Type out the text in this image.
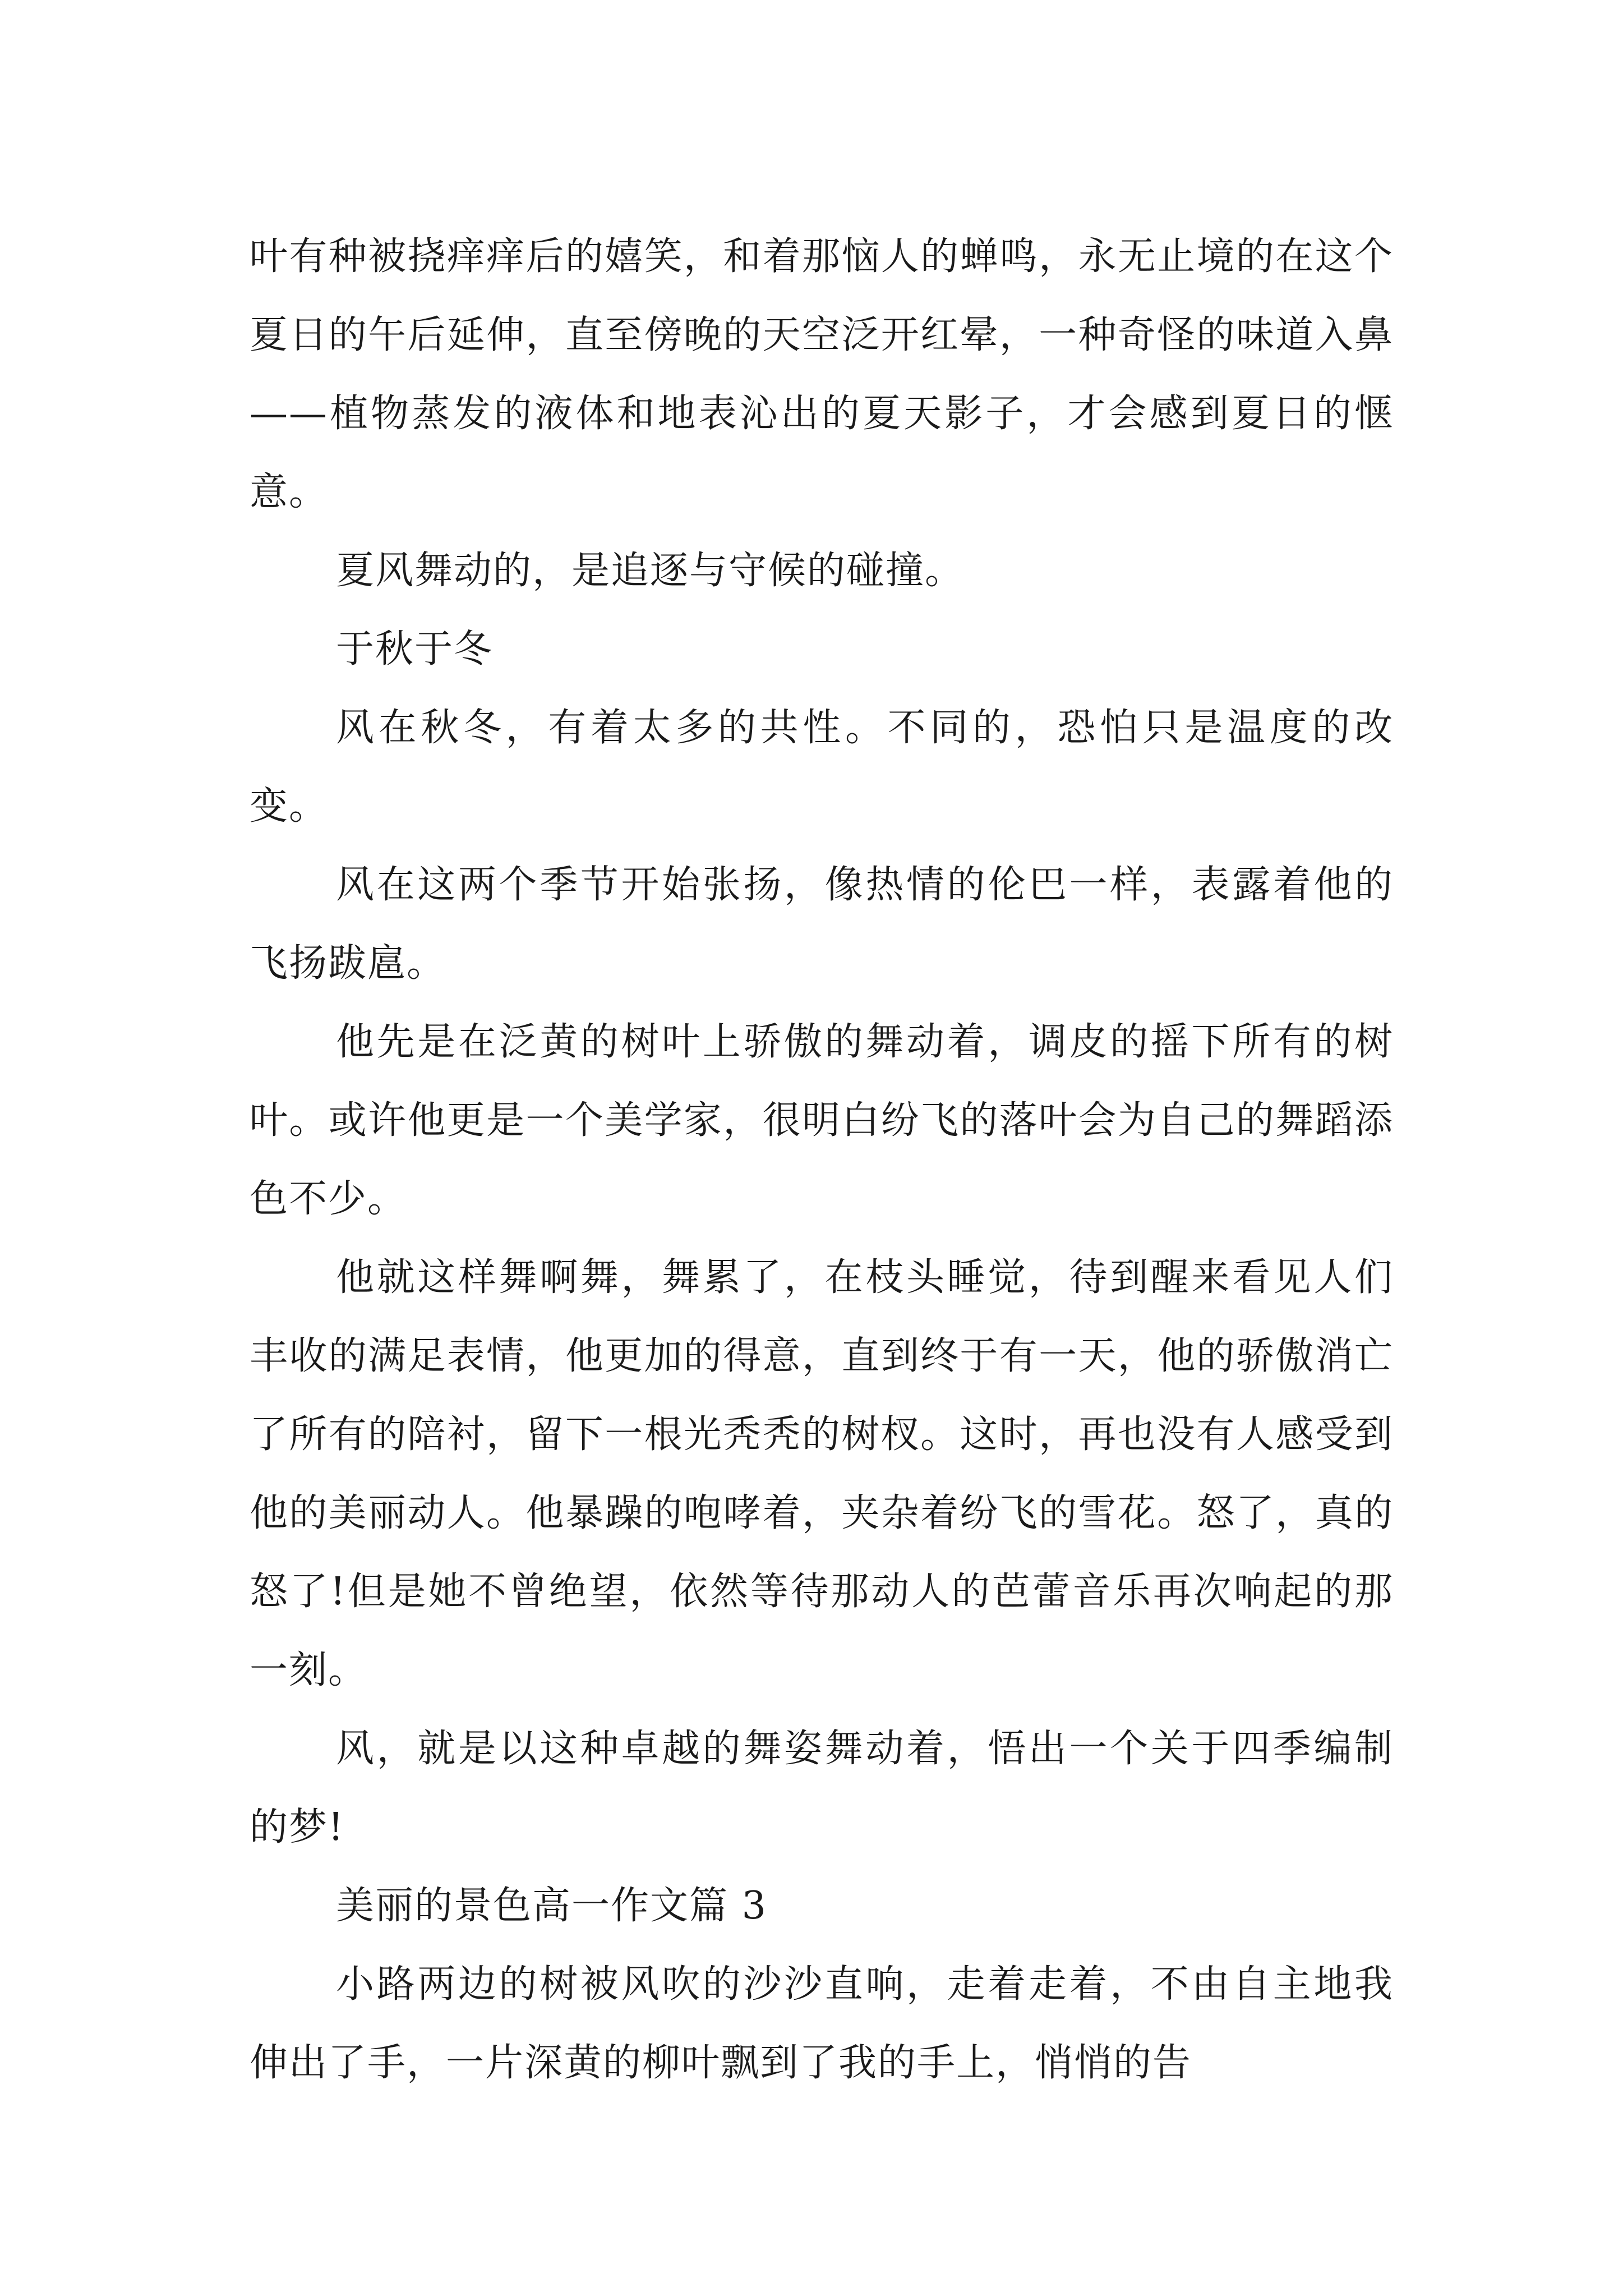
叶有种被挠痒痒后的嬉笑，和着那恼人的蝉鸣，永无止境的在这个夏日的午后延伸，直至傍晚的天空泛开红晕，一种奇怪的味道入鼻——植物蒸发的液体和地表沁出的夏天影子，才会感到夏日的惬意。

夏风舞动的，是追逐与守候的碰撞。

于秋于冬

风在秋冬，有着太多的共性。不同的，恐怕只是温度的改变。

风在这两个季节开始张扬，像热情的伦巴一样，表露着他的飞扬跋扈。

他先是在泛黄的树叶上骄傲的舞动着，调皮的摇下所有的树叶。或许他更是一个美学家，很明白纷飞的落叶会为自己的舞蹈添色不少。

他就这样舞啊舞，舞累了，在枝头睡觉，待到醒来看见人们丰收的满足表情，他更加的得意，直到终于有一天，他的骄傲消亡了所有的陪衬，留下一根光秃秃的树杈。这时，再也没有人感受到他的美丽动人。他暴躁的咆哮着，夹杂着纷飞的雪花。怒了，真的怒了!但是她不曾绝望，依然等待那动人的芭蕾音乐再次响起的那一刻。

风，就是以这种卓越的舞姿舞动着，悟出一个关于四季编制的梦!

美丽的景色高一作文篇 3

小路两边的树被风吹的沙沙直响，走着走着，不由自主地我伸出了手，一片深黄的柳叶飘到了我的手上，悄悄的告
